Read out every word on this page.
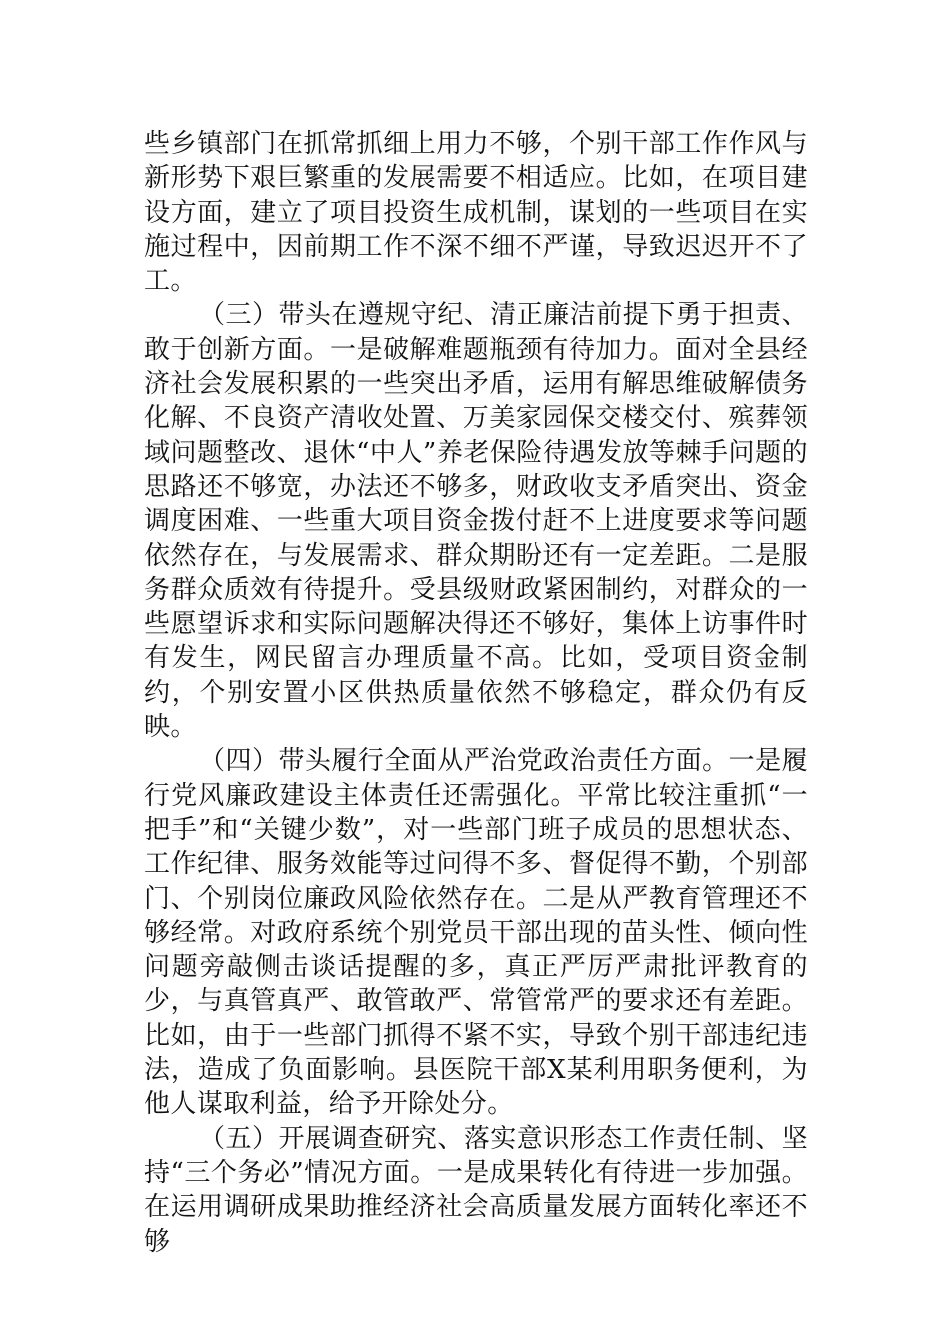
些乡镇部门在抓常抓细上用力不够，个别干部工作作风与新形势下艰巨繁重的发展需要不相适应。比如，在项目建设方面，建立了项目投资生成机制，谋划的一些项目在实施过程中，因前期工作不深不细不严谨，导致迟迟开不了工。

（三）带头在遵规守纪、清正廉洁前提下勇于担责、敢于创新方面。一是破解难题瓶颈有待加力。面对全县经济社会发展积累的一些突出矛盾，运用有解思维破解债务化解、不良资产清收处置、万美家园保交楼交付、殡葬领域问题整改、退休“中人”养老保险待遇发放等棘手问题的思路还不够宽，办法还不够多，财政收支矛盾突出、资金调度困难、一些重大项目资金拨付赶不上进度要求等问题依然存在，与发展需求、群众期盼还有一定差距。二是服务群众质效有待提升。受县级财政紧困制约，对群众的一些愿望诉求和实际问题解决得还不够好，集体上访事件时有发生，网民留言办理质量不高。比如，受项目资金制约，个别安置小区供热质量依然不够稳定，群众仍有反映。

（四）带头履行全面从严治党政治责任方面。一是履行党风廉政建设主体责任还需强化。平常比较注重抓“一把手”和“关键少数”，对一些部门班子成员的思想状态、工作纪律、服务效能等过问得不多、督促得不勤，个别部门、个别岗位廉政风险依然存在。二是从严教育管理还不够经常。对政府系统个别党员干部出现的苗头性、倾向性问题旁敲侧击谈话提醒的多，真正严厉严肃批评教育的少，与真管真严、敢管敢严、常管常严的要求还有差距。比如，由于一些部门抓得不紧不实，导致个别干部违纪违法，造成了负面影响。县医院干部X某利用职务便利，为他人谋取利益，给予开除处分。

（五）开展调查研究、落实意识形态工作责任制、坚持“三个务必”情况方面。一是成果转化有待进一步加强。在运用调研成果助推经济社会高质量发展方面转化率还不够
